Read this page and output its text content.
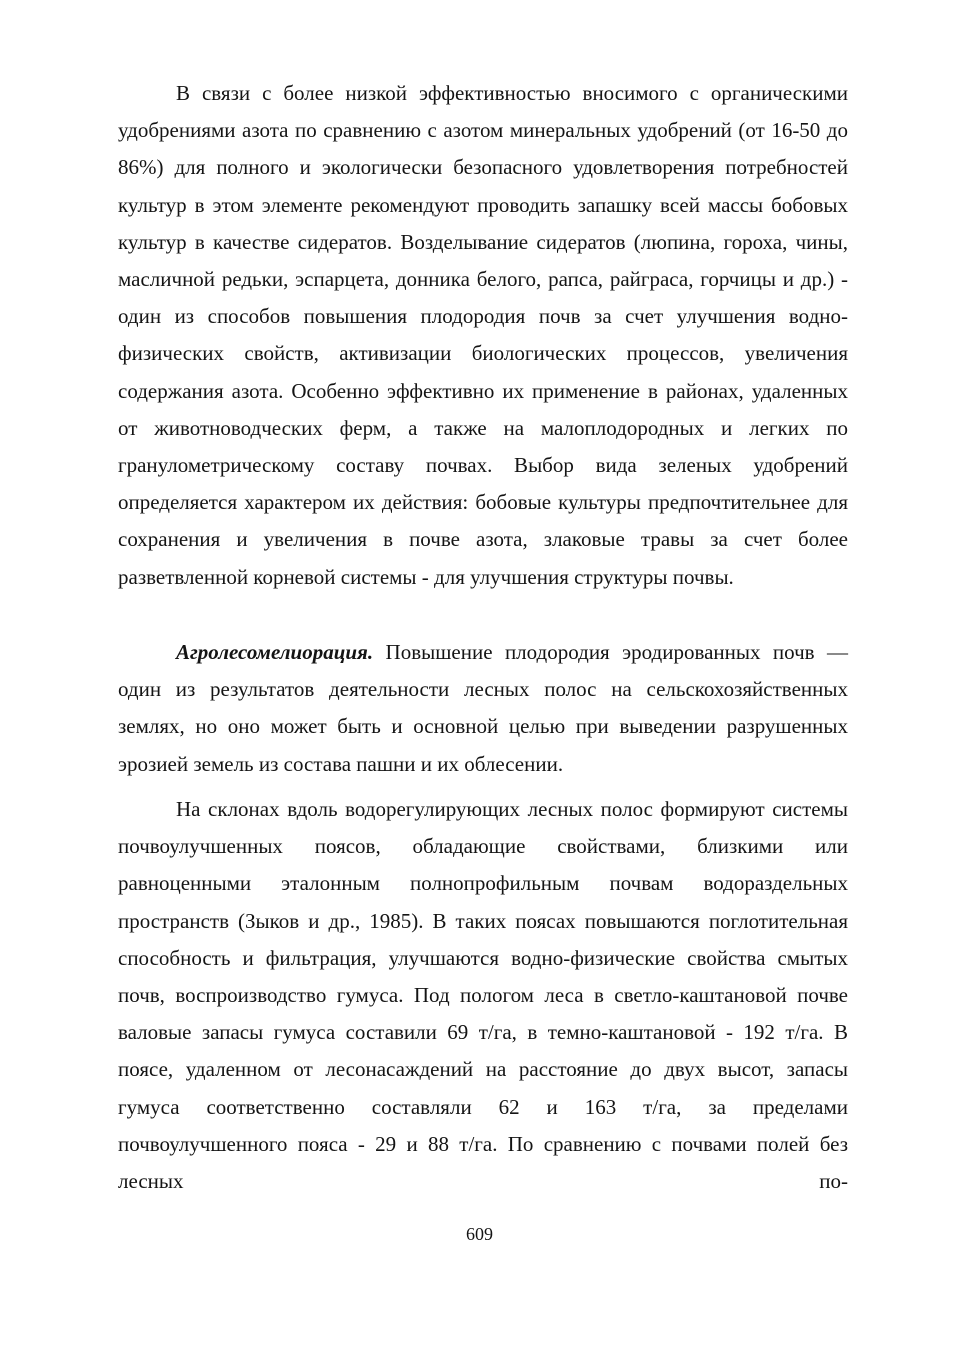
В связи с более низкой эффективностью вносимого с органическими удобрениями азота по сравнению с азотом минеральных удобрений (от 16-50 до 86%) для полного и экологически безопасного удовлетворения потребностей культур в этом элементе рекомендуют проводить запашку всей массы бобовых культур в качестве сидератов. Возделывание сидератов (люпина, гороха, чины, масличной редьки, эспарцета, донника белого, рапса, райграса, горчицы и др.) - один из способов повышения плодородия почв за счет улучшения водно-физических свойств, активизации биологических процессов, увеличения содержания азота. Особенно эффективно их применение в районах, удаленных от животноводческих ферм, а также на малоплодородных и легких по гранулометрическому составу почвах. Выбор вида зеленых удобрений определяется характером их действия: бобовые культуры предпочтительнее для сохранения и увеличения в почве азота, злаковые травы за счет более разветвленной корневой системы - для улучшения структуры почвы.

Агролесомелиорация. Повышение плодородия эродированных почв — один из результатов деятельности лесных полос на сельскохозяйственных землях, но оно может быть и основной целью при выведении разрушенных эрозией земель из состава пашни и их облесении.

На склонах вдоль водорегулирующих лесных полос формируют системы почвоулучшенных поясов, обладающие свойствами, близкими или равноценными эталонным полнопрофильным почвам водораздельных пространств (Зыков и др., 1985). В таких поясах повышаются поглотительная способность и фильтрация, улучшаются водно-физические свойства смытых почв, воспроизводство гумуса. Под пологом леса в светло-каштановой почве валовые запасы гумуса составили 69 т/га, в темно-каштановой - 192 т/га. В поясе, удаленном от лесонасаждений на расстояние до двух высот, запасы гумуса соответственно составляли 62 и 163 т/га, за пределами почвоулучшенного пояса - 29 и 88 т/га. По сравнению с почвами полей без лесных по-

609
